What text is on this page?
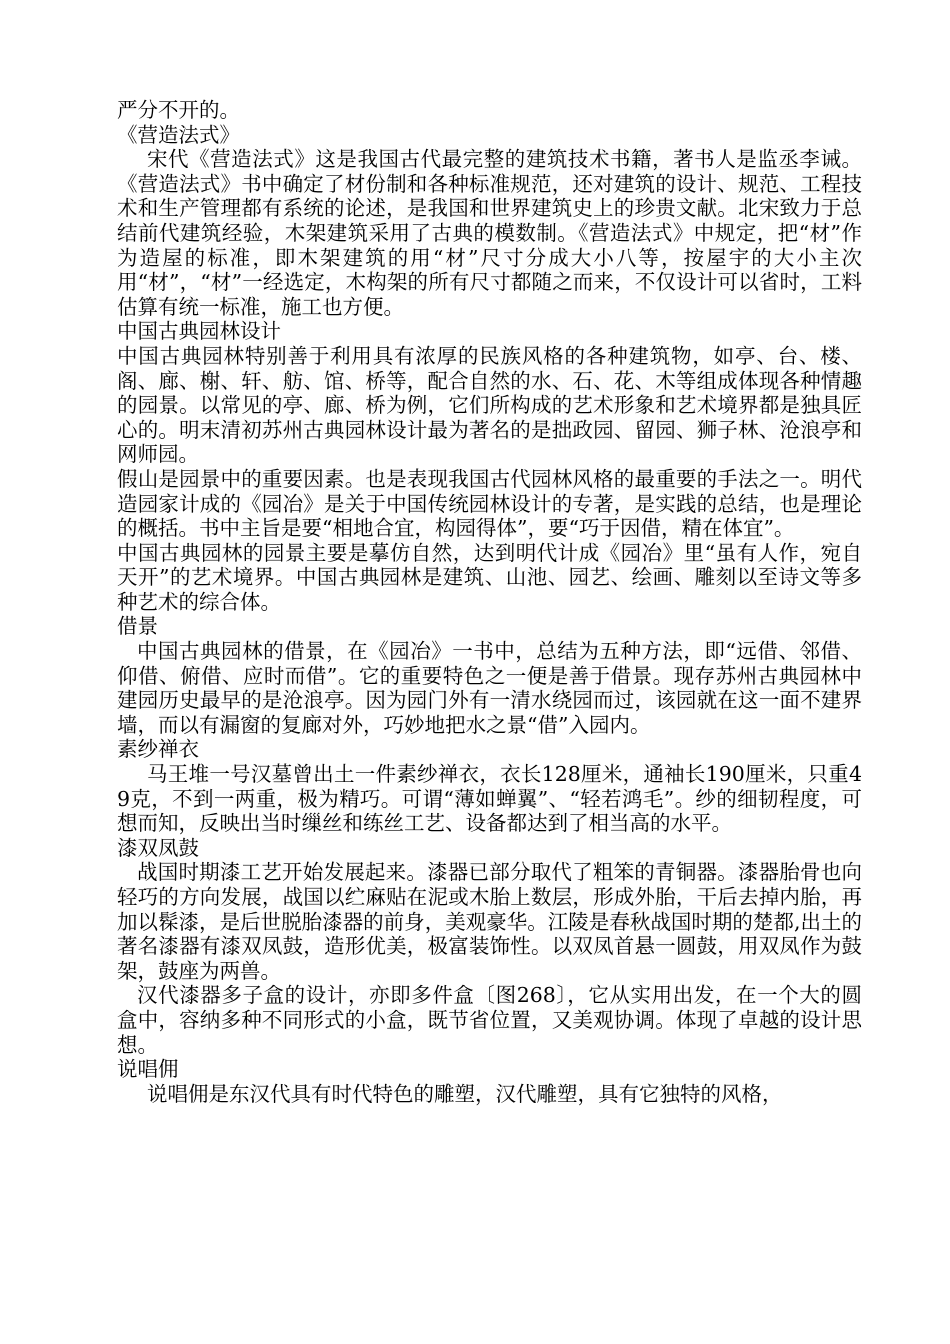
严分不开的。

《营造法式》

宋代《营造法式》这是我国古代最完整的建筑技术书籍，著书人是监丞李诫。《营造法式》书中确定了材份制和各种标准规范，还对建筑的设计、规范、工程技术和生产管理都有系统的论述，是我国和世界建筑史上的珍贵文献。北宋致力于总结前代建筑经验，木架建筑采用了古典的模数制。《营造法式》中规定，把“材”作为造屋的标准，即木架建筑的用“材”尺寸分成大小八等，按屋宇的大小主次用“材”，“材”一经选定，木构架的所有尺寸都随之而来，不仅设计可以省时，工料估算有统一标准，施工也方便。

中国古典园林设计

中国古典园林特别善于利用具有浓厚的民族风格的各种建筑物，如亭、台、楼、阁、廊、榭、轩、舫、馆、桥等，配合自然的水、石、花、木等组成体现各种情趣的园景。以常见的亭、廊、桥为例，它们所构成的艺术形象和艺术境界都是独具匠心的。明末清初苏州古典园林设计最为著名的是拙政园、留园、狮子林、沧浪亭和网师园。

假山是园景中的重要因素。也是表现我国古代园林风格的最重要的手法之一。明代造园家计成的《园冶》是关于中国传统园林设计的专著，是实践的总结，也是理论的概括。书中主旨是要“相地合宜，构园得体”，要“巧于因借，精在体宜”。

中国古典园林的园景主要是摹仿自然，达到明代计成《园冶》里“虽有人作，宛自天开”的艺术境界。中国古典园林是建筑、山池、园艺、绘画、雕刻以至诗文等多种艺术的综合体。

借景

中国古典园林的借景，在《园冶》一书中，总结为五种方法，即“远借、邻借、仰借、俯借、应时而借”。它的重要特色之一便是善于借景。现存苏州古典园林中建园历史最早的是沧浪亭。因为园门外有一清水绕园而过，该园就在这一面不建界墙，而以有漏窗的复廊对外，巧妙地把水之景“借”入园内。

素纱禅衣

马王堆一号汉墓曾出土一件素纱禅衣，衣长128厘米，通袖长190厘米，只重49克，不到一两重，极为精巧。可谓“薄如蝉翼”、“轻若鸿毛”。纱的细韧程度，可想而知，反映出当时缫丝和练丝工艺、设备都达到了相当高的水平。

漆双凤鼓

战国时期漆工艺开始发展起来。漆器已部分取代了粗笨的青铜器。漆器胎骨也向轻巧的方向发展，战国以纻麻贴在泥或木胎上数层，形成外胎，干后去掉内胎，再加以髹漆，是后世脱胎漆器的前身，美观豪华。江陵是春秋战国时期的楚都,出土的著名漆器有漆双凤鼓，造形优美，极富装饰性。以双凤首悬一圆鼓，用双凤作为鼓架，鼓座为两兽。

汉代漆器多子盒的设计，亦即多件盒〔图268〕，它从实用出发，在一个大的圆盒中，容纳多种不同形式的小盒，既节省位置，又美观协调。体现了卓越的设计思想。

说唱佣

说唱佣是东汉代具有时代特色的雕塑，汉代雕塑，具有它独特的风格，
